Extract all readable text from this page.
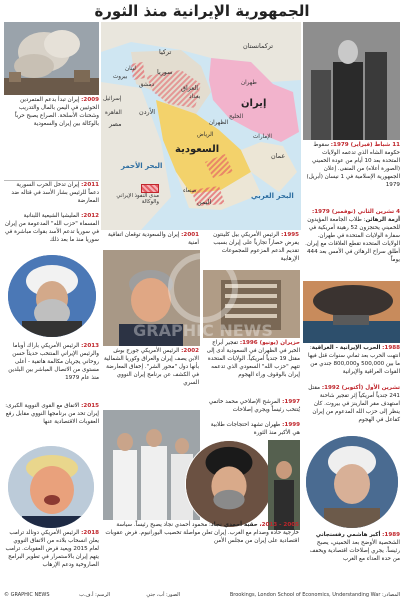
الجمهورية الإيرانية منذ الثورة
2009: إيران تبدأ بدعم المتمردين الحوثيين في اليمن بالمال والتدريب وشحنات الأسلحة. الصراع يصبح حرباً بالوكالة بين إيران والسعودية
2011: إيران تدخل الحرب السورية دعماً للرئيس بشار الأسد في قتاله ضد المعارضة
2012: المليشيا الشيعية اللبنانية المسماة "حزب الله" المدعومة من إيران في سوريا تدعم الأسد بقوات مباشرة في سوريا منذ ما بعد ذلك
2013: الرئيس الأمريكي باراك أوباما والرئيس الإيراني المنتخب حديثاً حسن روحاني يجريان مكالمة هاتفية - أعلى مستوى من الاتصال المباشر بين البلدين منذ عام 1979
2015: الاتفاق مع القوى النووية الكبرى: إيران تحد من برنامجها النووي مقابل رفع العقوبات الاقتصادية عنها
2018: الرئيس الأمريكي دونالد ترامب يعلن انسحاب بلاده من الاتفاق النووي لعام 2015 ويعيد فرض العقوبات. ترامب يتهم إيران بالاستمرار في تطوير البرامج الصاروخية ودعم الإرهاب
تركمانستان
تركيا
سوريا
العراق
لبنان
بيروت
دمشق
بغداد
طهران
إيران
إسرائيل
الأردن
مصر
القاهرة
السعودية
الرياض
الظهران
الإمارات
عمان
الخليج
اليمن
صنعاء
البحر العربي
البحر الأحمر

مدى النفوذ الإيراني والوكالة
11 شباط (فبراير) 1979: سقوط حكومة الشاه الذي تدعمه الولايات المتحدة بعد 10 أيام من عودة الخميني (الصورة أعلاه) من المنفى. إعلان الجمهورية الإسلامية في 1 نيسان (أبريل) 1979
4 تشرين الثاني (نوفمبر) 1979: أزمة الرهائن: طلاب الجامعة المؤيدون للخميني يحتجزون 52 رهينة أمريكية في سفارة الولايات المتحدة في طهران. الولايات المتحدة تقطع العلاقات مع إيران. أطلق سراح الرهائن في الأمس بعد 444 يوماً
1988: الحرب الإيرانية - العراقية: انتهت الحرب بعد ثماني سنوات قتل فيها ما بين 500,000 و800,000 جندي من القوات العراقية والإيرانية
تشرين الأول (أكتوبر) 1992: مقتل 241 جندياً أمريكياً إثر تفجير شاحنة استهدف مقر المارينز في بيروت. كان ينظر إلى حزب الله المدعوم من إيران كفاعل في الهجوم
1989: أكبر هاشمي رفسنجاني الشخصية الأوضح بعد الخميني، يصبح رئيساً. يجري إصلاحات اقتصادية ويخفف من حدة العداء مع الغرب
2001: إيران والسعودية توقعان اتفاقية أمنية
1995: الرئيس الأمريكي بيل كلينتون يفرض حصاراً تجارياً على إيران بسبب تقديم الدعم المزعوم للمجموعات الإرهابية
2002: الرئيس الأمريكي جورج بوش الابن يصف إيران والعراق وكوريا الشمالية بأنها دول "محور الشر". إخفاق المعارضة في الكشف عن برنامج إيران النووي السري
حزيران (يونيو) 1996: تفجير أبراج الخبر في الظهران في السعودية أدى إلى مقتل 19 جندياً أمريكياً. الولايات المتحدة تتهم "حزب الله" السعودي الذي تدعمه إيران بالوقوف وراء الهجوم
1997: المرشح الإصلاحي محمد خاتمي يُنتخب رئيساً ويجري إصلاحات
1999: طهران تشهد احتجاجات طلابية هي الأكبر منذ الثورة
2005 - 2013، حقبة أحمدي نجاد: محمود أحمدي نجاد يصبح رئيساً. سياسة خارجية حادة وصدام مع الغرب. إيران تعلن مواصلة تخصيب اليورانيوم. فرض عقوبات اقتصادية على إيران من مجلس الأمن
GRAPHIC NEWS
© GRAPHIC NEWS	الرسم: أ.ف.ب	الصور: أب، جتي	المصادر: Brookings, London School of Economics, Understanding War
